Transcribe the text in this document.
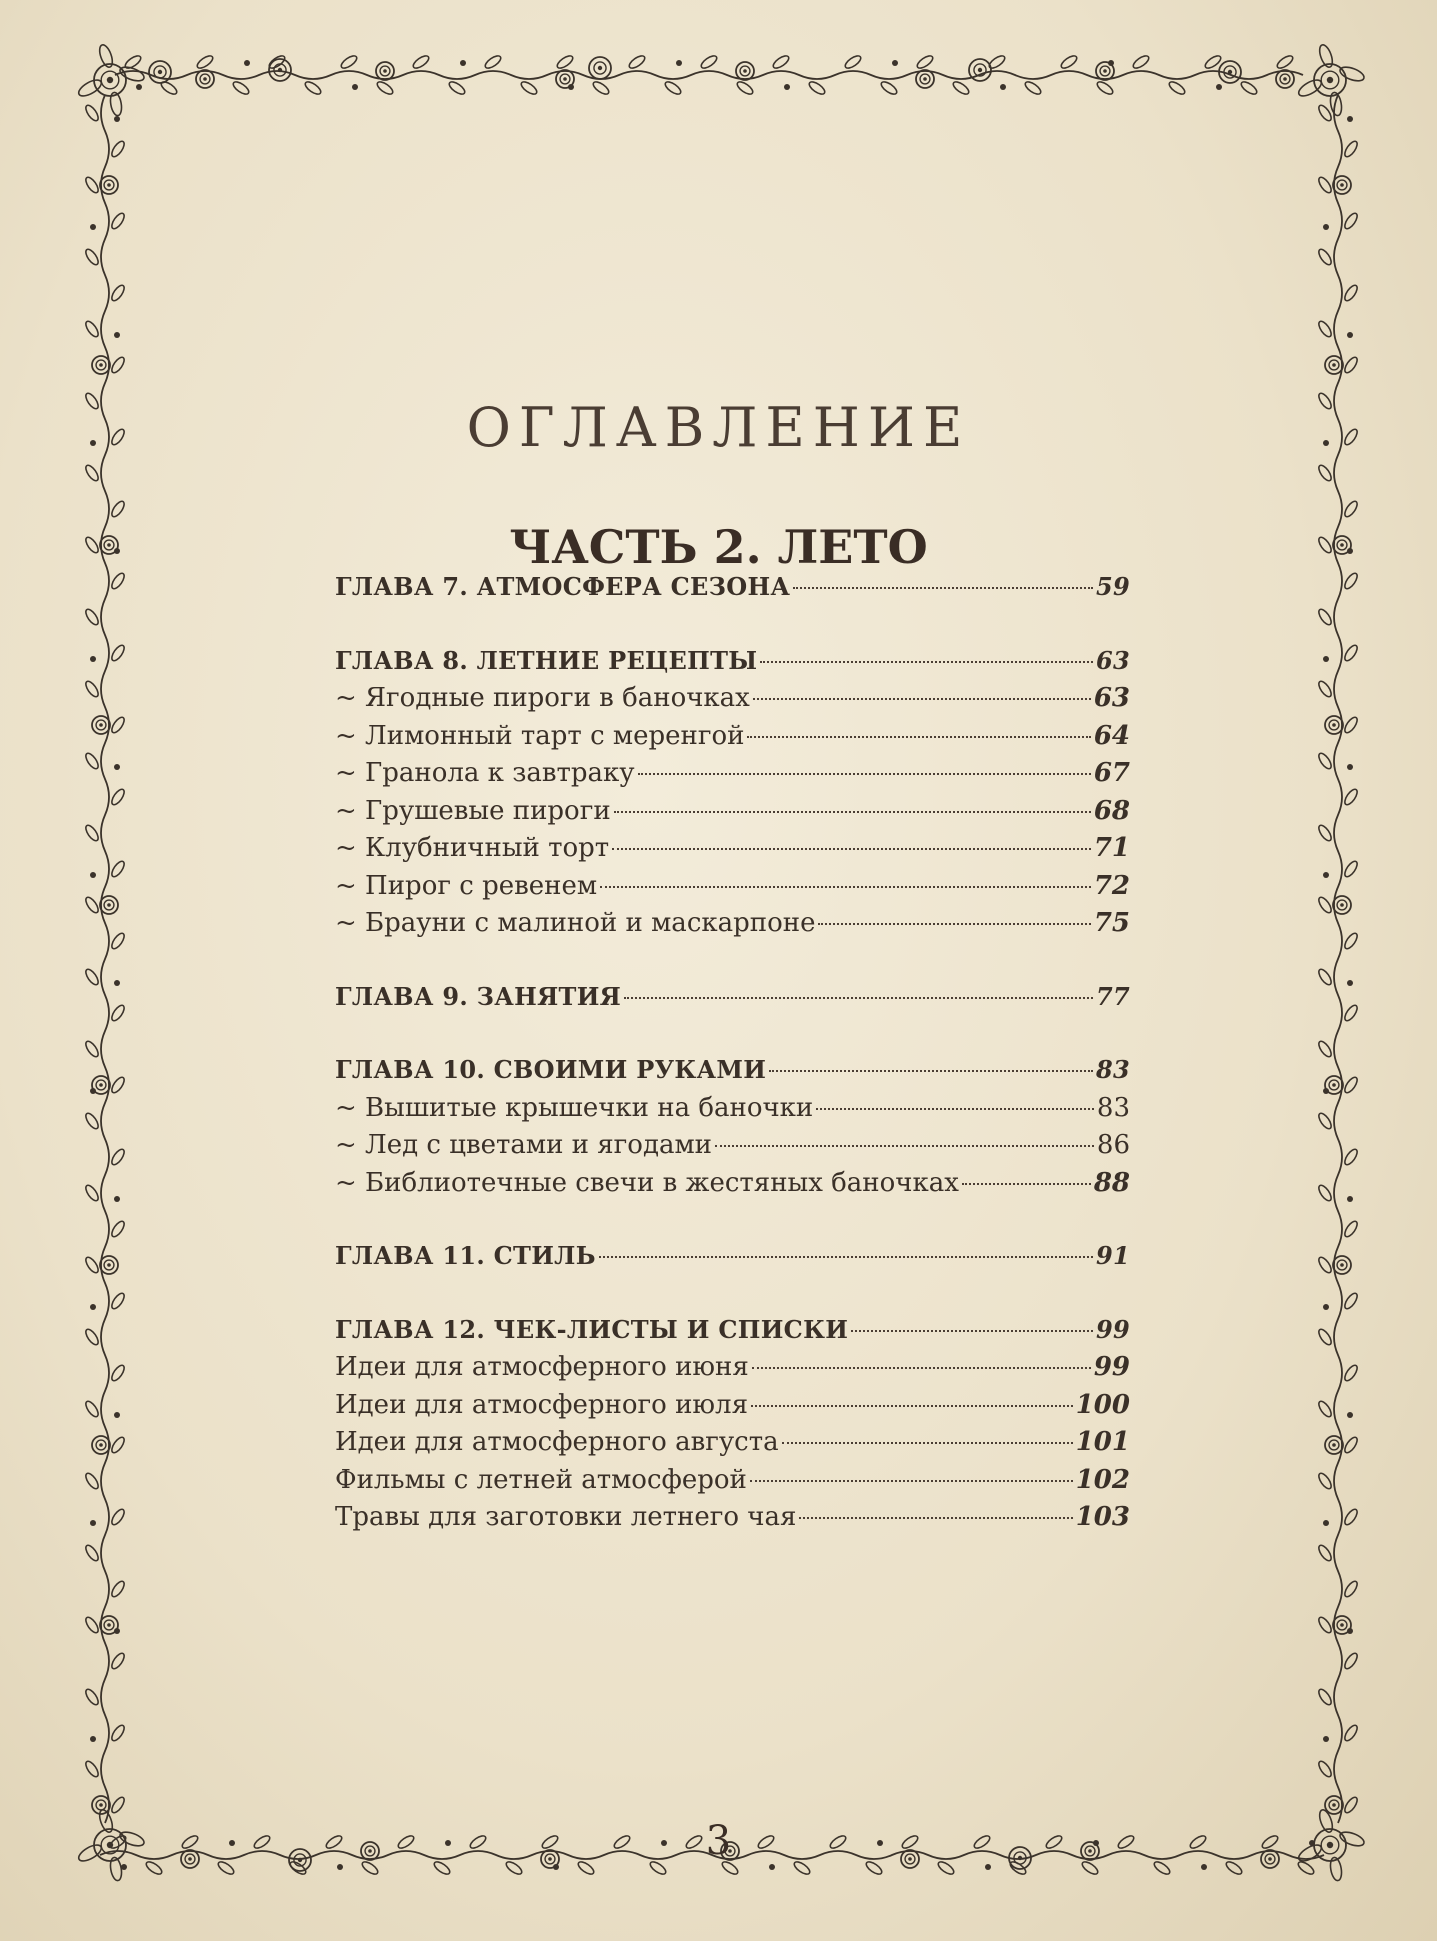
ОГЛАВЛЕНИЕ
ЧАСТЬ 2. ЛЕТО
ГЛАВА 7. АТМОСФЕРА СЕЗОНА	59
ГЛАВА 8. ЛЕТНИЕ РЕЦЕПТЫ	63
~ Ягодные пироги в баночках	63
~ Лимонный тарт с меренгой	64
~ Гранола к завтраку	67
~ Грушевые пироги	68
~ Клубничный торт	71
~ Пирог с ревенем	72
~ Брауни с малиной и маскарпоне	75
ГЛАВА 9. ЗАНЯТИЯ	77
ГЛАВА 10. СВОИМИ РУКАМИ	83
~ Вышитые крышечки на баночки	83
~ Лед с цветами и ягодами	86
~ Библиотечные свечи в жестяных баночках	88
ГЛАВА 11. СТИЛЬ	91
ГЛАВА 12. ЧЕК-ЛИСТЫ И СПИСКИ	99
Идеи для атмосферного июня	99
Идеи для атмосферного июля	100
Идеи для атмосферного августа	101
Фильмы с летней атмосферой	102
Травы для заготовки летнего чая	103
3
